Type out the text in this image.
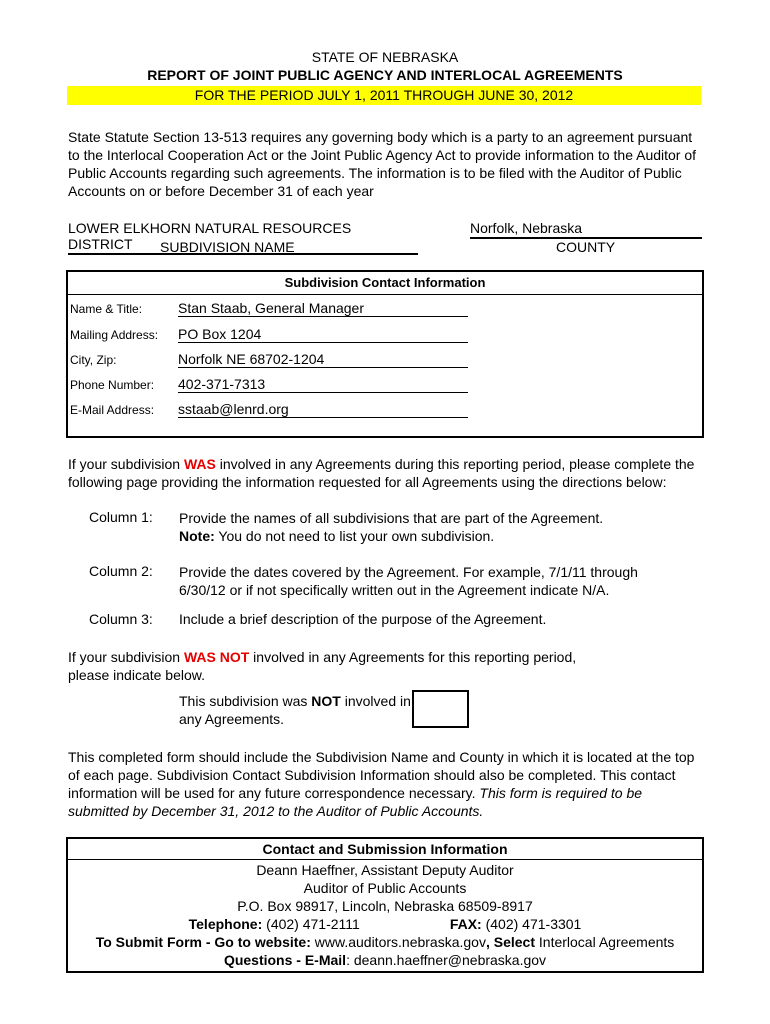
STATE OF NEBRASKA
REPORT OF JOINT PUBLIC AGENCY AND INTERLOCAL AGREEMENTS
FOR THE PERIOD JULY 1, 2011 THROUGH JUNE 30, 2012
State Statute Section 13-513 requires any governing body which is a party to an agreement pursuant to the Interlocal Cooperation Act or the Joint Public Agency Act to provide information to the Auditor of Public Accounts regarding such agreements. The information is to be filed with the Auditor of Public Accounts on or before December 31 of each year
LOWER ELKHORN NATURAL RESOURCES DISTRICT	SUBDIVISION NAME
Norfolk, Nebraska
COUNTY
Subdivision Contact Information
Name & Title:	Stan Staab, General Manager
Mailing Address: PO Box 1204
City, Zip:	Norfolk NE 68702-1204
Phone Number: 402-371-7313
E-Mail Address: sstaab@lenrd.org
If your subdivision WAS involved in any Agreements during this reporting period, please complete the following page providing the information requested for all Agreements using the directions below:
Column 1: Provide the names of all subdivisions that are part of the Agreement.
Note: You do not need to list your own subdivision.
Column 2: Provide the dates covered by the Agreement. For example, 7/1/11 through
6/30/12 or if not specifically written out in the Agreement indicate N/A.
Column 3: Include a brief description of the purpose of the Agreement.
If your subdivision WAS NOT involved in any Agreements for this reporting period,
please indicate below.
This subdivision was NOT involved in
any Agreements.
This completed form should include the Subdivision Name and County in which it is located at the top of each page. Subdivision Contact Subdivision Information should also be completed. This contact information will be used for any future correspondence necessary. This form is required to be submitted by December 31, 2012 to the Auditor of Public Accounts.
Contact and Submission Information
Deann Haeffner, Assistant Deputy Auditor
Auditor of Public Accounts
P.O. Box 98917, Lincoln, Nebraska 68509-8917
Telephone: (402) 471-2111	FAX: (402) 471-3301
To Submit Form - Go to website: www.auditors.nebraska.gov, Select Interlocal Agreements
Questions - E-Mail: deann.haeffner@nebraska.gov
